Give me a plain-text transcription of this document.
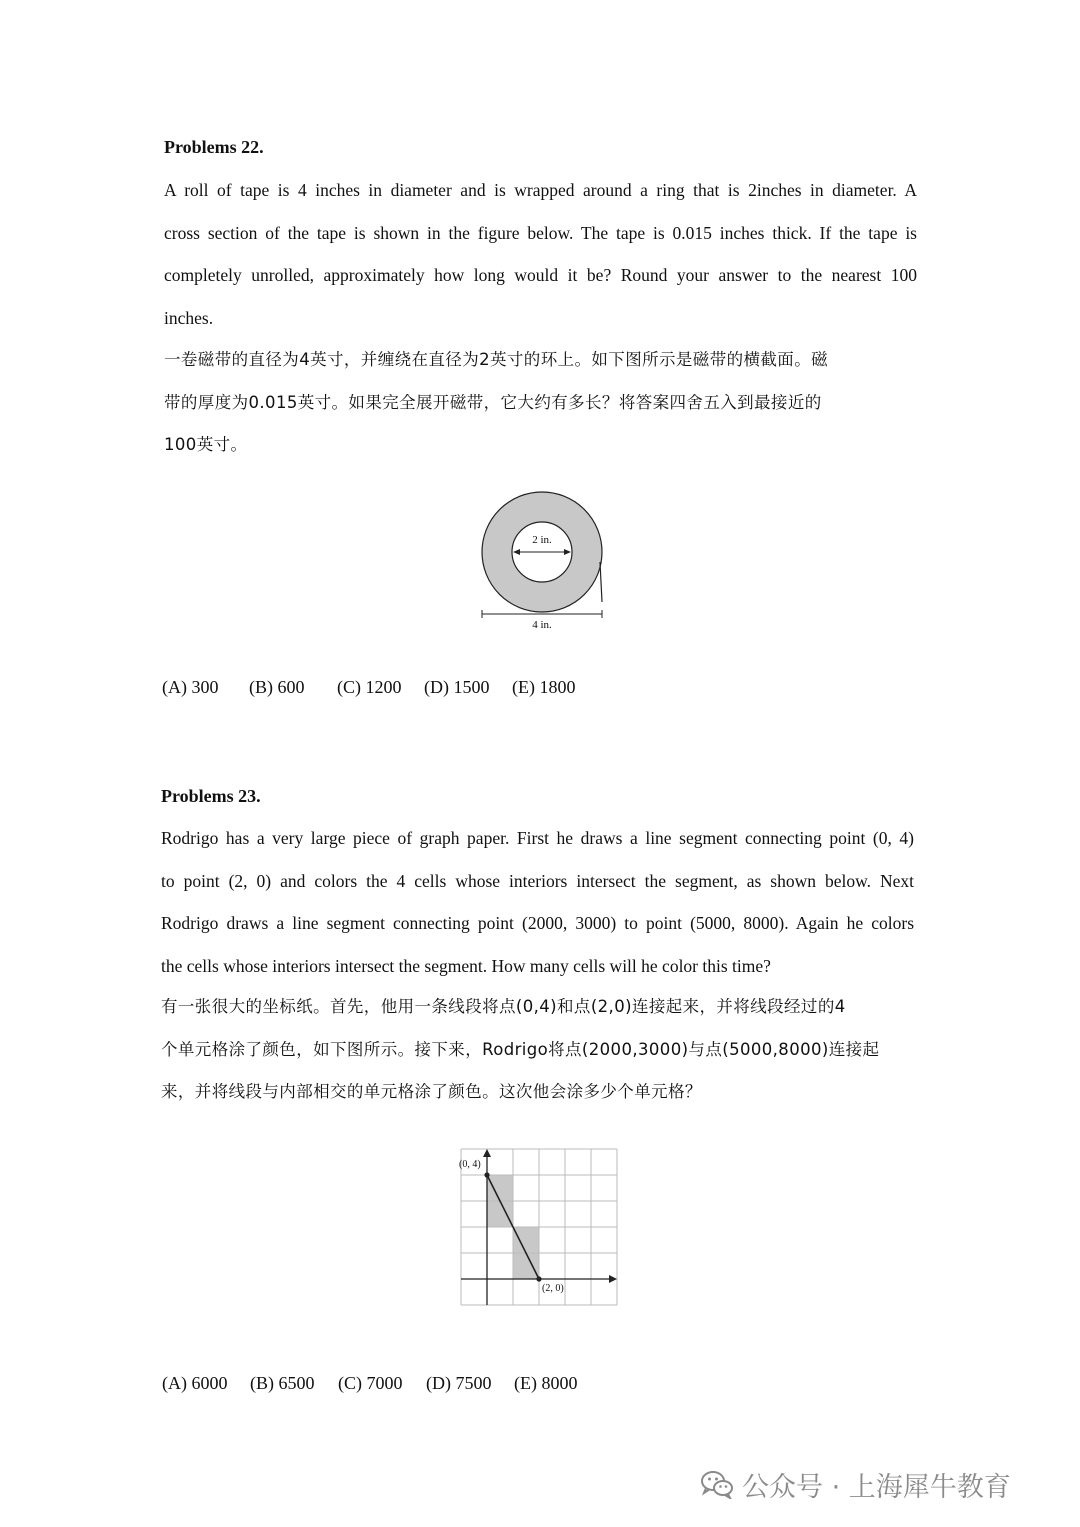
Problems 22.
A roll of tape is 4 inches in diameter and is wrapped around a ring that is 2inches in diameter. A
cross section of the tape is shown in the figure below. The tape is 0.015 inches thick. If the tape is
completely unrolled, approximately how long would it be? Round your answer to the nearest 100
inches.
一卷磁带的直径为4英寸，并缠绕在直径为2英寸的环上。如下图所示是磁带的横截面。磁
带的厚度为0.015英寸。如果完全展开磁带，它大约有多长？将答案四舍五入到最接近的
100英寸。
2 in.
4 in.
(A) 300 (B) 600 (C) 1200 (D) 1500 (E) 1800
Problems 23.
Rodrigo has a very large piece of graph paper. First he draws a line segment connecting point (0, 4)
to point (2, 0) and colors the 4 cells whose interiors intersect the segment, as shown below. Next
Rodrigo draws a line segment connecting point (2000, 3000) to point (5000, 8000). Again he colors
the cells whose interiors intersect the segment. How many cells will he color this time?
有一张很大的坐标纸。首先，他用一条线段将点(0,4)和点(2,0)连接起来，并将线段经过的4
个单元格涂了颜色，如下图所示。接下来，Rodrigo将点(2000,3000)与点(5000,8000)连接起
来，并将线段与内部相交的单元格涂了颜色。这次他会涂多少个单元格？
(0, 4)
(2, 0)
(A) 6000 (B) 6500 (C) 7000 (D) 7500 (E) 8000
公众号 · 上海犀牛教育
